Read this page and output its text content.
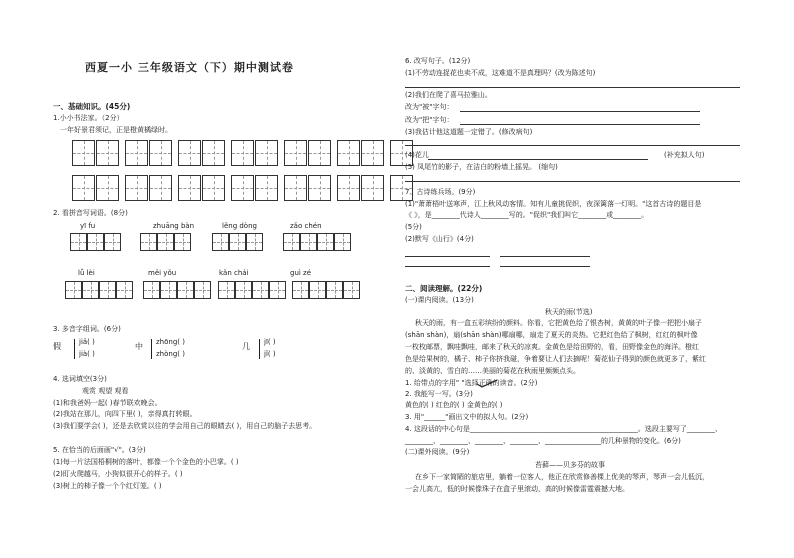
西夏一小 三年级语文（下）期中测试卷
一、基础知识。(45分)
1.小小书法家。（2分）
一年好景君须记，正是橙黄橘绿时。
2. 看拼音写词语。(8分)
yī fu	zhuāng bàn	lěng dòng	zǎo chén
lǚ lèi	měi yǒu	kǎn chái	guì zé
3. 多音字组词。(6分)
假	jiǎ( )
jià( )
中 zhōng( )
zhòng( )
几 jī( )
jǐ( )
4. 选词填空(3分)
观赏 观望 观看
(1)和我爸妈一起( )春节联欢晚会。
(2)我站在那儿，向四下里( )，亲得真打转眼。
(3)我们要学会( )，还是去欣赏以往的学会用自己的眼睛去( )，用自己的脑子去思考。
5. 在恰当的后面画"√"。(3分)
(1)每一片法国梧桐树的落叶，都像一个个金色的小巴掌。( )
(2)盯火爬越马，小狗似很开心的样子。( )
(3)树上的柿子像一个个红灯笼。( )
6. 改写句子。(12分)
(1)不劳动连捉花也卖不成，这难道不是真理吗？(改为陈述句)
(2)我们在爬了喜马拉雅山。
改为"被"字句：
改为"把"字句：
(3)我估计他这道题一定错了。(修改病句)
(4)花儿	(补充拟人句)
(5) 凤尾竹的影子，在洁白的粉墙上摇晃。 (缩句)
7、古诗练兵场。(9分)
(1)"萧萧梧叶送寒声，江上秋风动客情。知有儿童挑促织，夜深篱落一灯明。"这首古诗的题目是
《 》，是________代诗人________写的。"促织"我们叫它________或________。
(5分)
(2)默写《山行》(4分)
二、阅读理解。(22分)
(一)课内阅读。(13分)
秋天的雨(节选)
秋天的雨，有一盒五彩缤纷的颜料。你看，它把黄色给了银杏树，黄黄的叶子像一把把小扇子
(shān shàn)，扇(shān shàn)哪扇哪，扇走了夏天的炎热。它把红色给了枫树，红红的枫叶像
一枚枚邮票，飘哇飘哇，邮来了秋天的凉爽。金黄色是给田野的，看，田野像金色的海洋。橙红
色是给果树的，橘子、柿子你挤我碰，争着要让人们去摘呢！菊花仙子得到的颜色就更多了，紫红
的、淡黄的、雪白的……美丽的菊花在秋雨里频频点头。
1. 给带点的字用" "选择正确的读音。(2分)
2. 我能写一写。(3分)
黄色的( ) 红色的( ) 金黄色的( )
3. 用"______"画出文中的拟人句。(2分)
4. 这段话的中心句是________________________________________________。选段主要写了________、
________、________、________、________、________________的几种景物的变化。(6分)
(二)课外阅读。(9分)
苔藓——贝多芬的故事
在乡下一家简陋的旅店里，躺着一位客人，他正在欣赏修善棵上优美的琴声，琴声一会儿低沉，
一会儿高亢，低的时候像珠子在盒子里滚动，高的时候像雷霆震撼大地。
